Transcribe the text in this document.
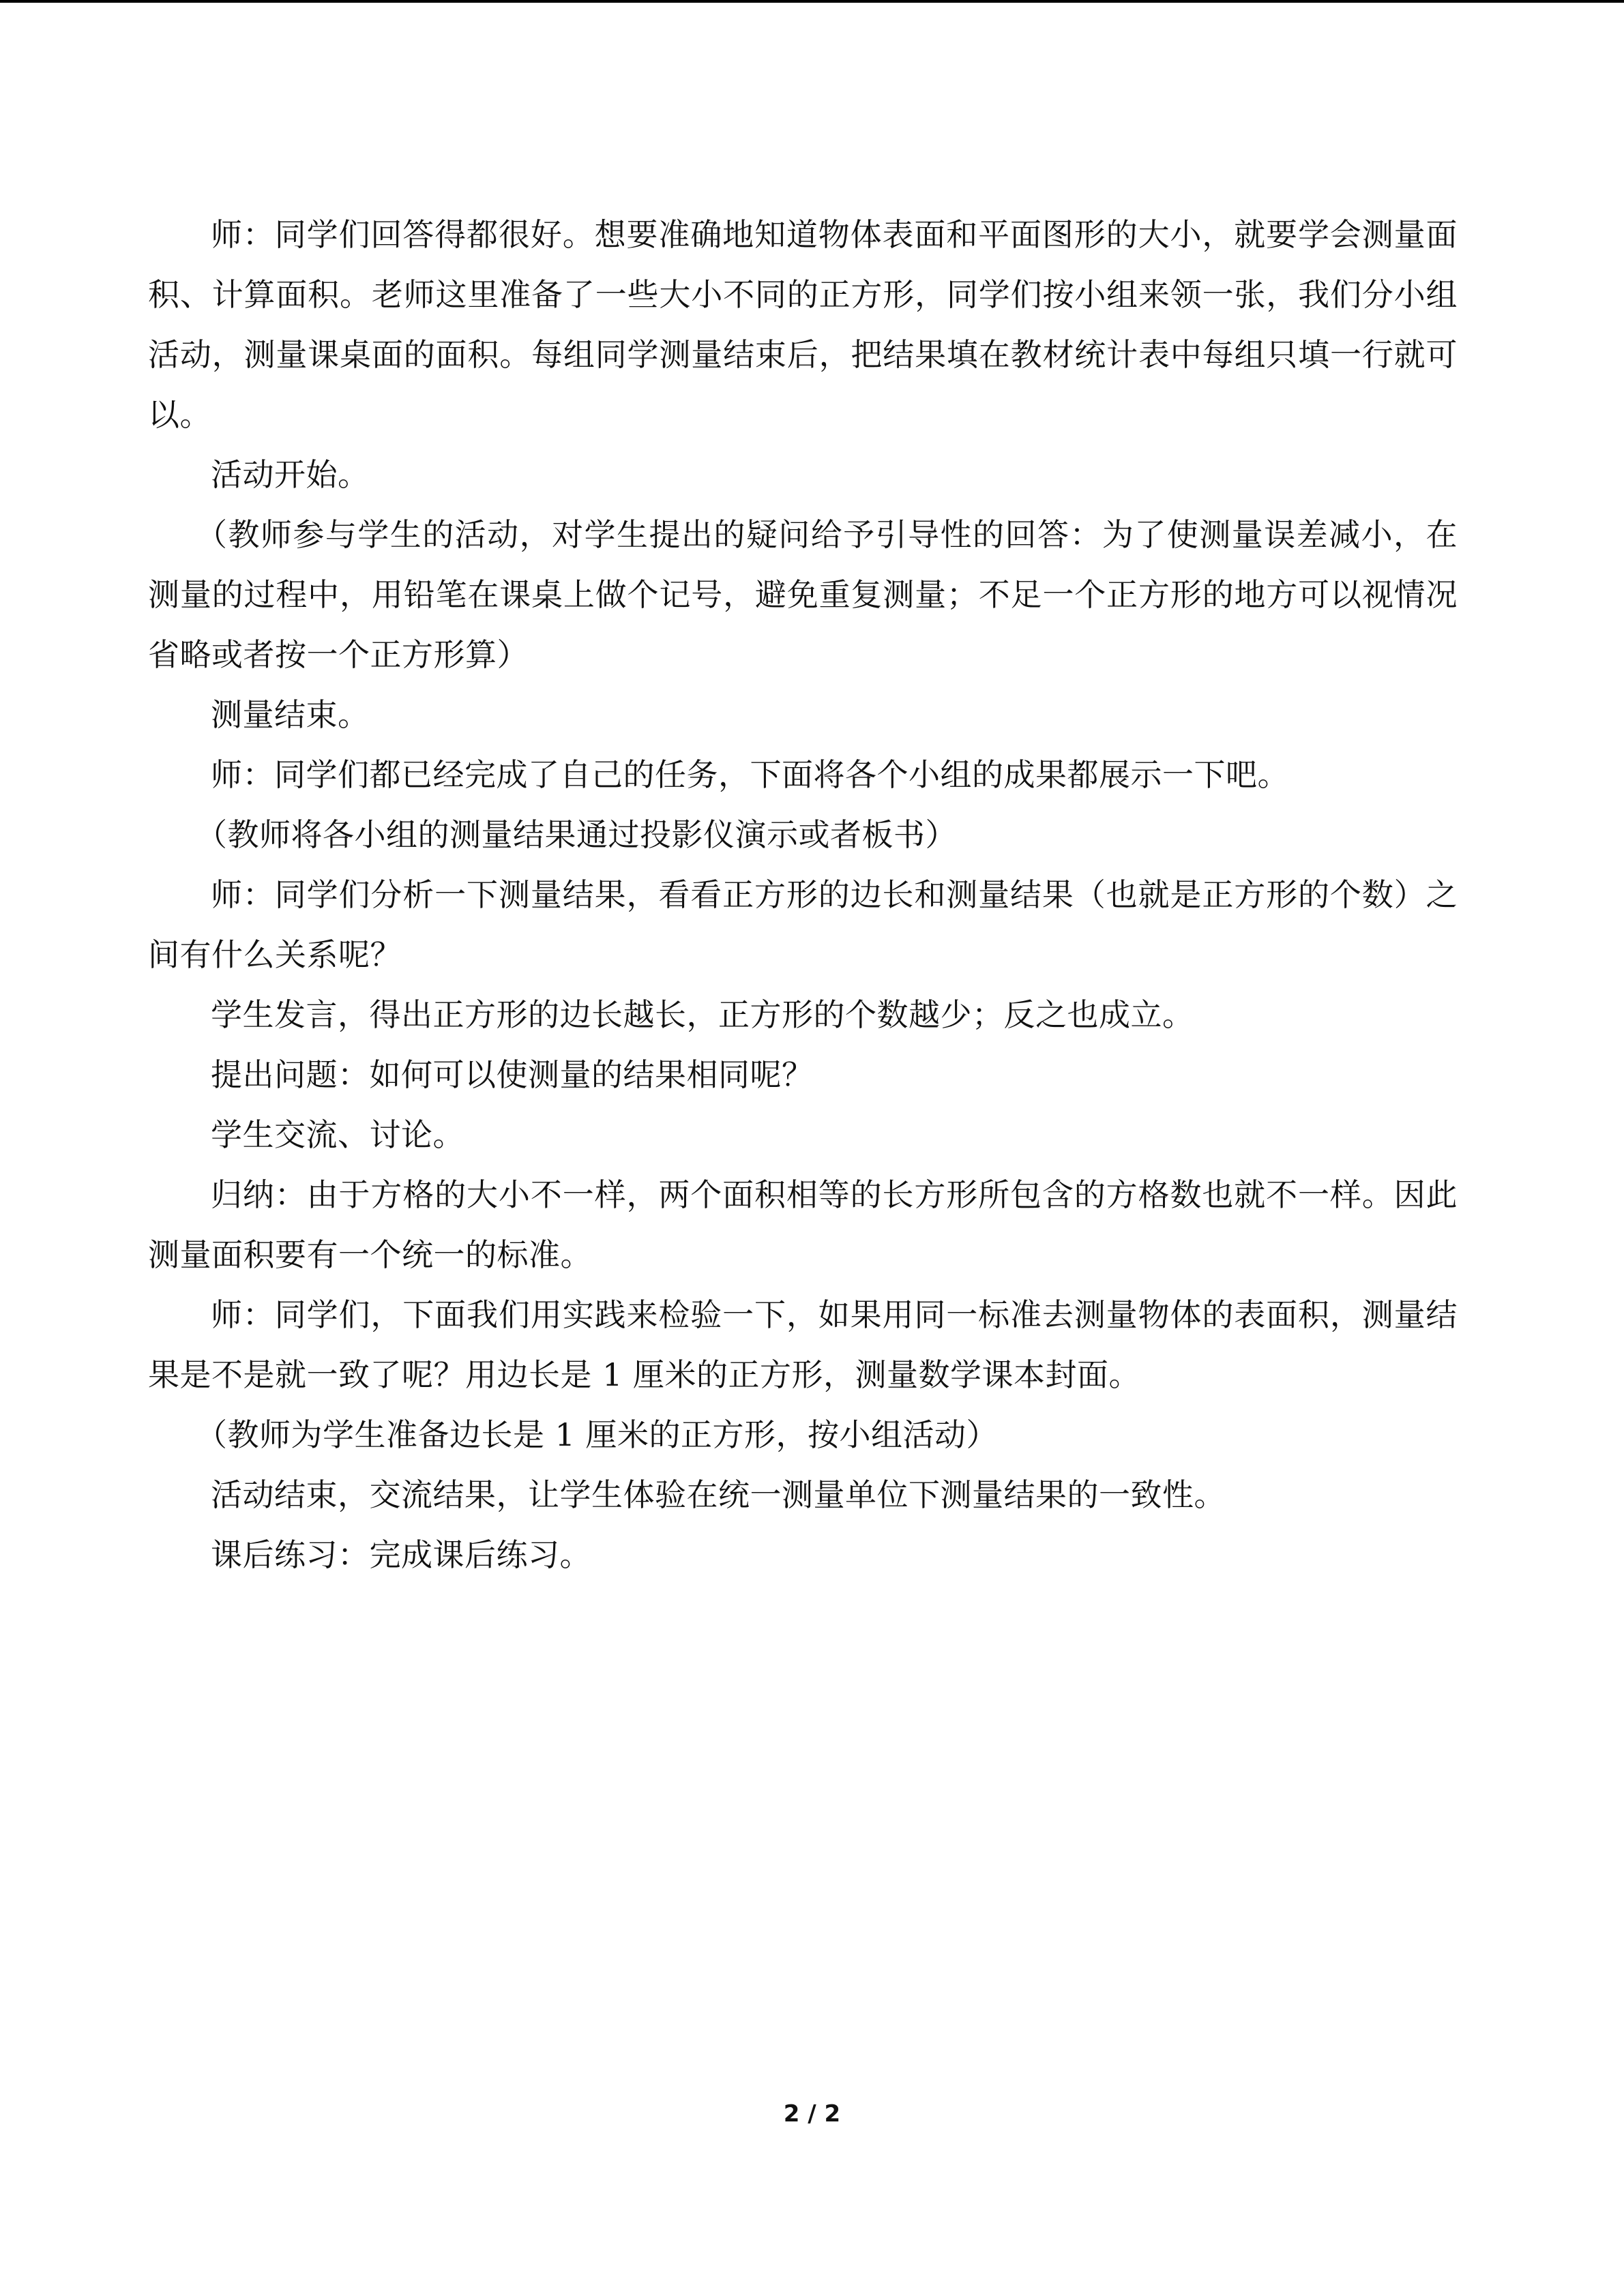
师：同学们回答得都很好。想要准确地知道物体表面和平面图形的大小，就要学会测量面积、计算面积。老师这里准备了一些大小不同的正方形，同学们按小组来领一张，我们分小组活动，测量课桌面的面积。每组同学测量结束后，把结果填在教材统计表中每组只填一行就可以。

活动开始。

（教师参与学生的活动，对学生提出的疑问给予引导性的回答：为了使测量误差减小，在测量的过程中，用铅笔在课桌上做个记号，避免重复测量；不足一个正方形的地方可以视情况省略或者按一个正方形算）

测量结束。

师：同学们都已经完成了自己的任务，下面将各个小组的成果都展示一下吧。

（教师将各小组的测量结果通过投影仪演示或者板书）

师：同学们分析一下测量结果，看看正方形的边长和测量结果（也就是正方形的个数）之间有什么关系呢？

学生发言，得出正方形的边长越长，正方形的个数越少；反之也成立。

提出问题：如何可以使测量的结果相同呢？

学生交流、讨论。

归纳：由于方格的大小不一样，两个面积相等的长方形所包含的方格数也就不一样。因此测量面积要有一个统一的标准。

师：同学们，下面我们用实践来检验一下，如果用同一标准去测量物体的表面积，测量结果是不是就一致了呢？用边长是 1 厘米的正方形，测量数学课本封面。

（教师为学生准备边长是 1 厘米的正方形，按小组活动）

活动结束，交流结果，让学生体验在统一测量单位下测量结果的一致性。

课后练习：完成课后练习。

2 / 2
